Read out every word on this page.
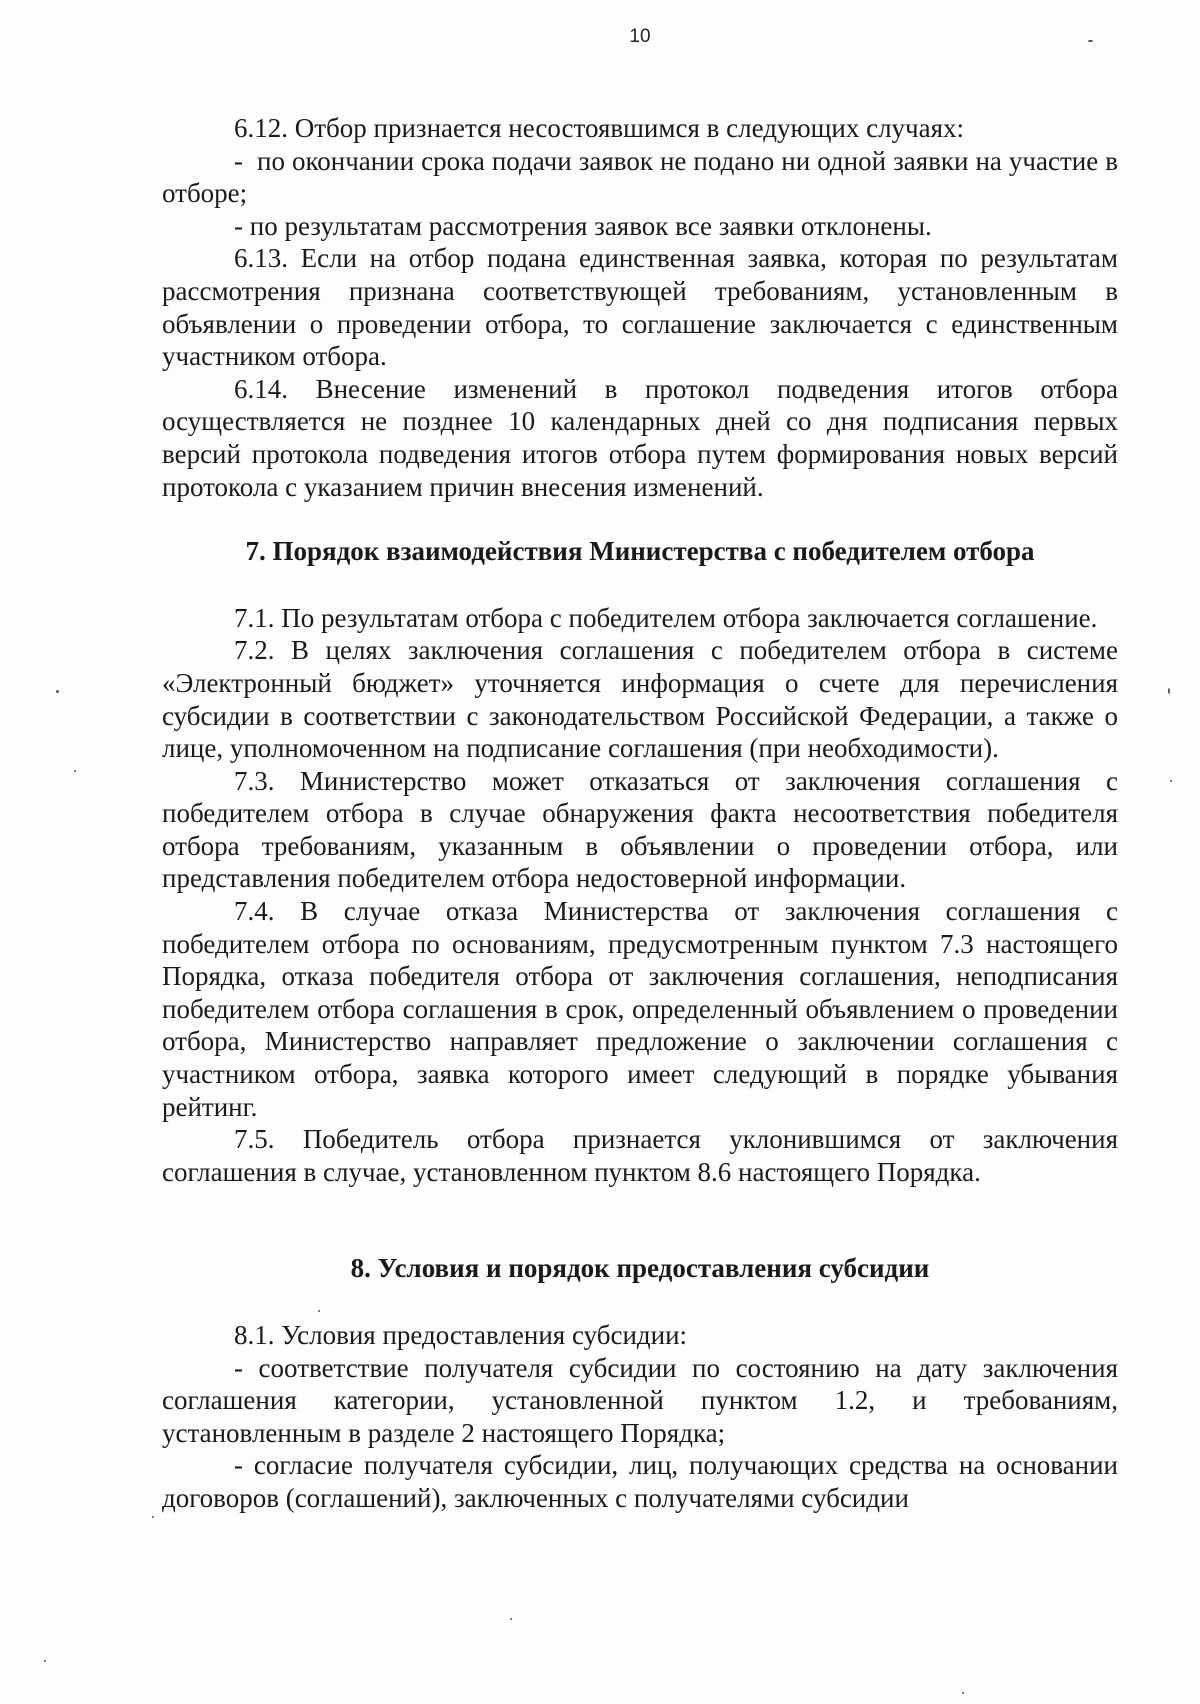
10

6.12. Отбор признается несостоявшимся в следующих случаях:

-  по окончании срока подачи заявок не подано ни одной заявки на участие в отборе;

- по результатам рассмотрения заявок все заявки отклонены.

6.13. Если на отбор подана единственная заявка, которая по результатам рассмотрения признана соответствующей требованиям, установленным в объявлении о проведении отбора, то соглашение заключается с единственным участником отбора.

6.14. Внесение изменений в протокол подведения итогов отбора осуществляется не позднее 10 календарных дней со дня подписания первых версий протокола подведения итогов отбора путем формирования новых версий протокола с указанием причин внесения изменений.

7. Порядок взаимодействия Министерства с победителем отбора

7.1. По результатам отбора с победителем отбора заключается соглашение.

7.2. В целях заключения соглашения с победителем отбора в системе «Электронный бюджет» уточняется информация о счете для перечисления субсидии в соответствии с законодательством Российской Федерации, а также о лице, уполномоченном на подписание соглашения (при необходимости).

7.3. Министерство может отказаться от заключения соглашения с победителем отбора в случае обнаружения факта несоответствия победителя отбора требованиям, указанным в объявлении о проведении отбора, или представления победителем отбора недостоверной информации.

7.4. В случае отказа Министерства от заключения соглашения с победителем отбора по основаниям, предусмотренным пунктом 7.3 настоящего Порядка, отказа победителя отбора от заключения соглашения, неподписания победителем отбора соглашения в срок, определенный объявлением о проведении отбора, Министерство направляет предложение о заключении соглашения с участником отбора, заявка которого имеет следующий в порядке убывания рейтинг.

7.5. Победитель отбора признается уклонившимся от заключения соглашения в случае, установленном пунктом 8.6 настоящего Порядка.

8. Условия и порядок предоставления субсидии

8.1. Условия предоставления субсидии:

- соответствие получателя субсидии по состоянию на дату заключения соглашения категории, установленной пунктом 1.2, и требованиям, установленным в разделе 2 настоящего Порядка;

- согласие получателя субсидии, лиц, получающих средства на основании договоров (соглашений), заключенных с получателями субсидии
